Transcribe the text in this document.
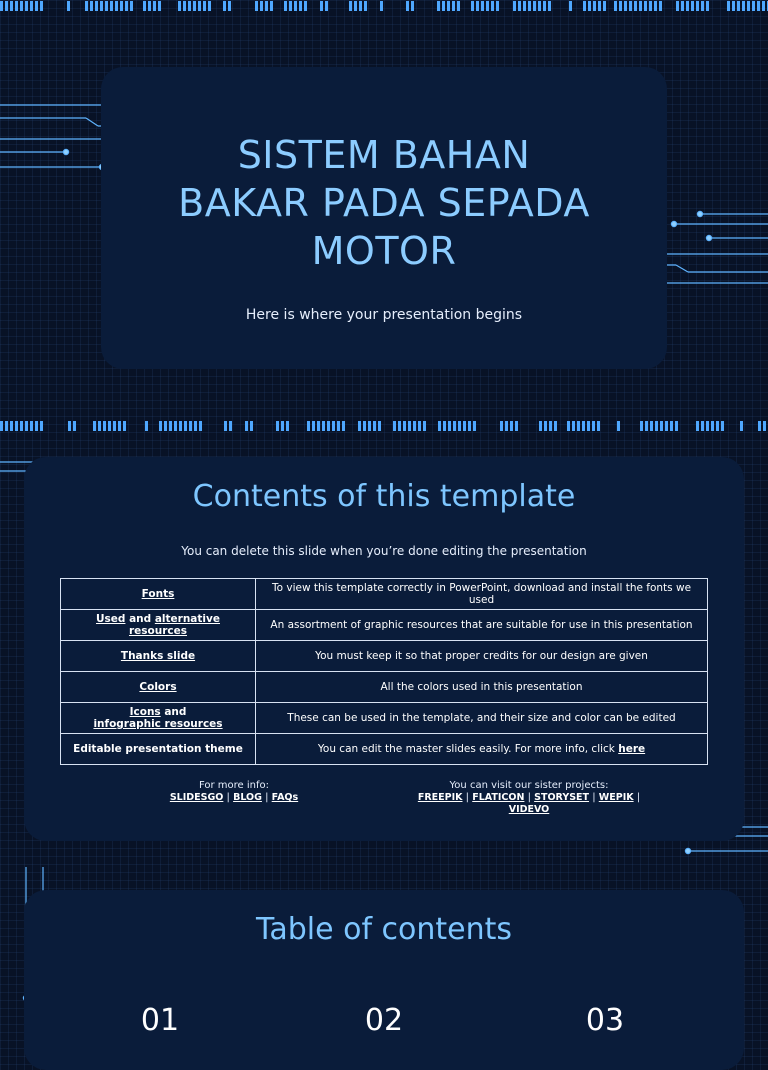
SISTEM BAHAN
BAKAR PADA SEPADA
MOTOR
Here is where your presentation begins
Contents of this template
You can delete this slide when you’re done editing the presentation
Fonts	To view this template correctly in PowerPoint, download and install the fonts we used
Used and alternative resources	An assortment of graphic resources that are suitable for use in this presentation
Thanks slide	You must keep it so that proper credits for our design are given
Colors	All the colors used in this presentation
Icons and
infographic resources	These can be used in the template, and their size and color can be edited
Editable presentation theme	You can edit the master slides easily. For more info, click here
For more info:
SLIDESGO | BLOG | FAQs
You can visit our sister projects:
FREEPIK | FLATICON | STORYSET | WEPIK |
VIDEVO
Table of contents
01	02	03
